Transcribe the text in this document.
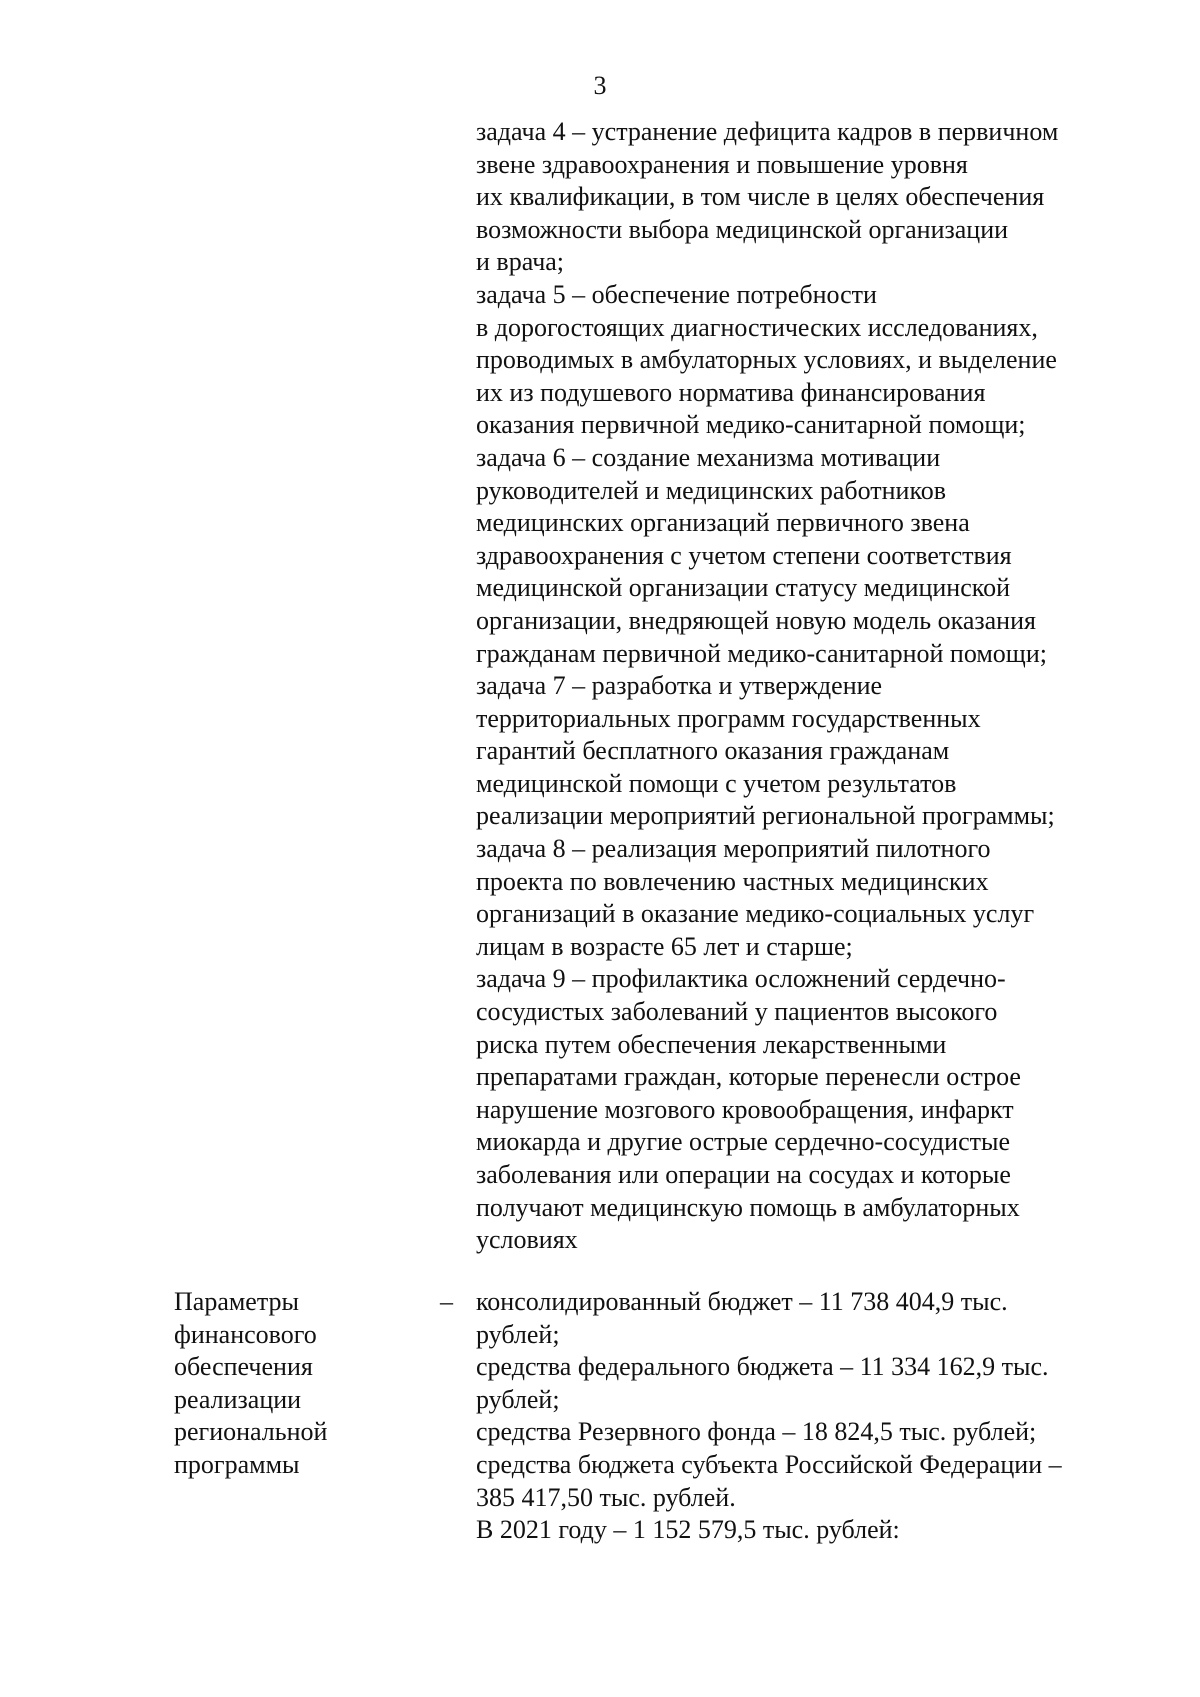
3
задача 4 – устранение дефицита кадров в первичном
звене здравоохранения и повышение уровня
их квалификации, в том числе в целях обеспечения
возможности выбора медицинской организации
и врача;
задача 5 – обеспечение потребности
в дорогостоящих диагностических исследованиях,
проводимых в амбулаторных условиях, и выделение
их из подушевого норматива финансирования
оказания первичной медико-санитарной помощи;
задача 6 – создание механизма мотивации
руководителей и медицинских работников
медицинских организаций первичного звена
здравоохранения с учетом степени соответствия
медицинской организации статусу медицинской
организации, внедряющей новую модель оказания
гражданам первичной медико-санитарной помощи;
задача 7 – разработка и утверждение
территориальных программ государственных
гарантий бесплатного оказания гражданам
медицинской помощи с учетом результатов
реализации мероприятий региональной программы;
задача 8 – реализация мероприятий пилотного
проекта по вовлечению частных медицинских
организаций в оказание медико-социальных услуг
лицам в возрасте 65 лет и старше;
задача 9 – профилактика осложнений сердечно-
сосудистых заболеваний у пациентов высокого
риска путем обеспечения лекарственными
препаратами граждан, которые перенесли острое
нарушение мозгового кровообращения, инфаркт
миокарда и другие острые сердечно-сосудистые
заболевания или операции на сосудах и которые
получают медицинскую помощь в амбулаторных
условиях
Параметры
финансового
обеспечения
реализации
региональной
программы
– консолидированный бюджет – 11 738 404,9 тыс.
рублей;
средства федерального бюджета – 11 334 162,9 тыс.
рублей;
средства Резервного фонда – 18 824,5 тыс. рублей;
средства бюджета субъекта Российской Федерации –
385 417,50 тыс. рублей.
В 2021 году – 1 152 579,5 тыс. рублей:
